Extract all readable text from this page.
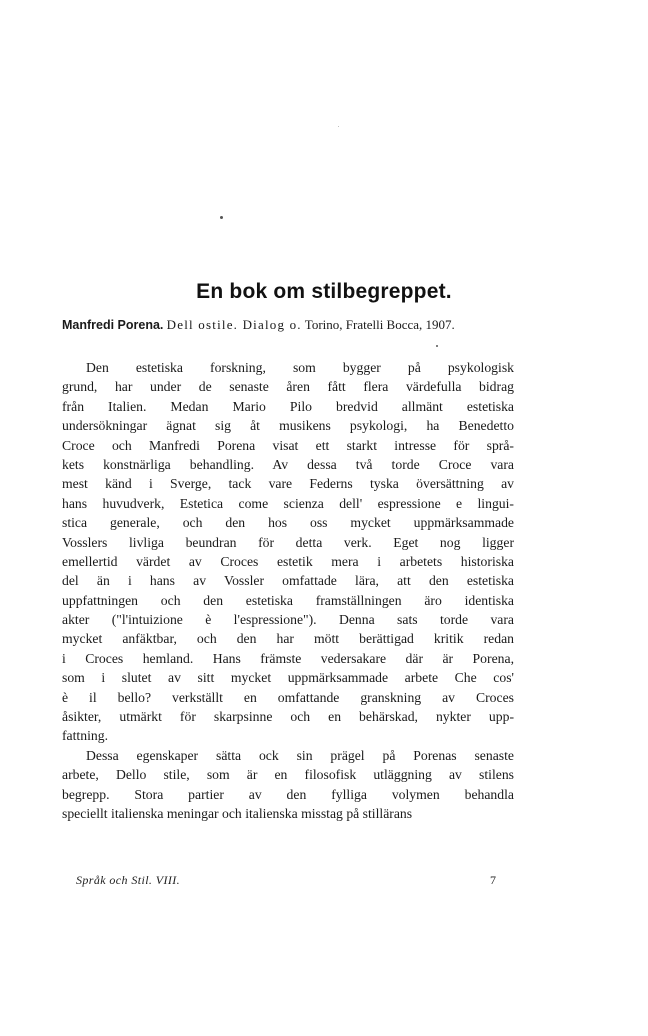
En bok om stilbegreppet.
Manfredi Porena. Dell ostile. Dialog o. Torino, Fratelli Bocca, 1907.
Den estetiska forskning, som bygger på psykologisk
grund, har under de senaste åren fått flera värdefulla bidrag
från Italien. Medan Mario Pilo bredvid allmänt estetiska
undersökningar ägnat sig åt musikens psykologi, ha Benedetto
Croce och Manfredi Porena visat ett starkt intresse för språ-
kets konstnärliga behandling. Av dessa två torde Croce vara
mest känd i Sverge, tack vare Federns tyska översättning av
hans huvudverk, Estetica come scienza dell' espressione e lingui-
stica generale, och den hos oss mycket uppmärksammade
Vosslers livliga beundran för detta verk. Eget nog ligger
emellertid värdet av Croces estetik mera i arbetets historiska
del än i hans av Vossler omfattade lära, att den estetiska
uppfattningen och den estetiska framställningen äro identiska
akter ("l'intuizione è l'espressione"). Denna sats torde vara
mycket anfäktbar, och den har mött berättigad kritik redan
i Croces hemland. Hans främste vedersakare där är Porena,
som i slutet av sitt mycket uppmärksammade arbete Che cos'
è il bello? verkställt en omfattande granskning av Croces
åsikter, utmärkt för skarpsinne och en behärskad, nykter upp-
fattning.
Dessa egenskaper sätta ock sin prägel på Porenas senaste
arbete, Dello stile, som är en filosofisk utläggning av stilens
begrepp. Stora partier av den fylliga volymen behandla
speciellt italienska meningar och italienska misstag på stillärans
Språk och Stil. VIII.	7
